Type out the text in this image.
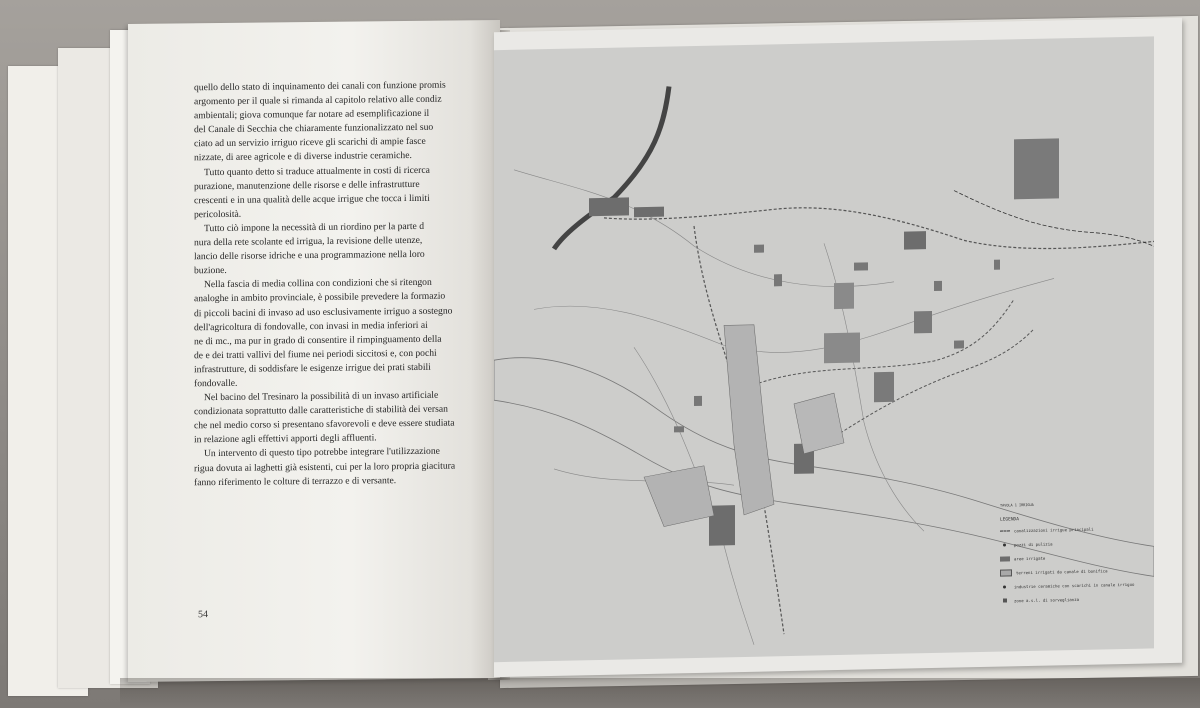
quello dello stato di inquinamento dei canali con funzione promis

argomento per il quale si rimanda al capitolo relativo alle condiz

ambientali; giova comunque far notare ad esemplificazione il

del Canale di Secchia che chiaramente funzionalizzato nel suo

ciato ad un servizio irriguo riceve gli scarichi di ampie fasce

nizzate, di aree agricole e di diverse industrie ceramiche.

Tutto quanto detto si traduce attualmente in costi di ricerca

purazione, manutenzione delle risorse e delle infrastrutture

crescenti e in una qualità delle acque irrigue che tocca i limiti

pericolosità.

Tutto ciò impone la necessità di un riordino per la parte d

nura della rete scolante ed irrigua, la revisione delle utenze,

lancio delle risorse idriche e una programmazione nella loro

buzione.

Nella fascia di media collina con condizioni che si ritengon

analoghe in ambito provinciale, è possibile prevedere la formazio

di piccoli bacini di invaso ad uso esclusivamente irriguo a sostegno

dell'agricoltura di fondovalle, con invasi in media inferiori ai

ne di mc., ma pur in grado di consentire il rimpinguamento della

de e dei tratti vallivi del fiume nei periodi siccitosi e, con pochi

infrastrutture, di soddisfare le esigenze irrigue dei prati stabili

fondovalle.

Nel bacino del Tresinaro la possibilità di un invaso artificiale

condizionata soprattutto dalle caratteristiche di stabilità dei versan

che nel medio corso si presentano sfavorevoli e deve essere studiata

in relazione agli effettivi apporti degli affluenti.

Un intervento di questo tipo potrebbe integrare l'utilizzazione

rigua dovuta ai laghetti già esistenti, cui per la loro propria giacitura

fanno riferimento le colture di terrazzo e di versante.

54
TAVOLA 1 IRRIGUA
LEGENDA
canalizzazioni irrigue principali
pozzi di pulizia
aree irrigate
terreni irrigati da canale di bonifica
industrie ceramiche con scarichi in canale irriguo
zone a.s.l. di sorveglianza
